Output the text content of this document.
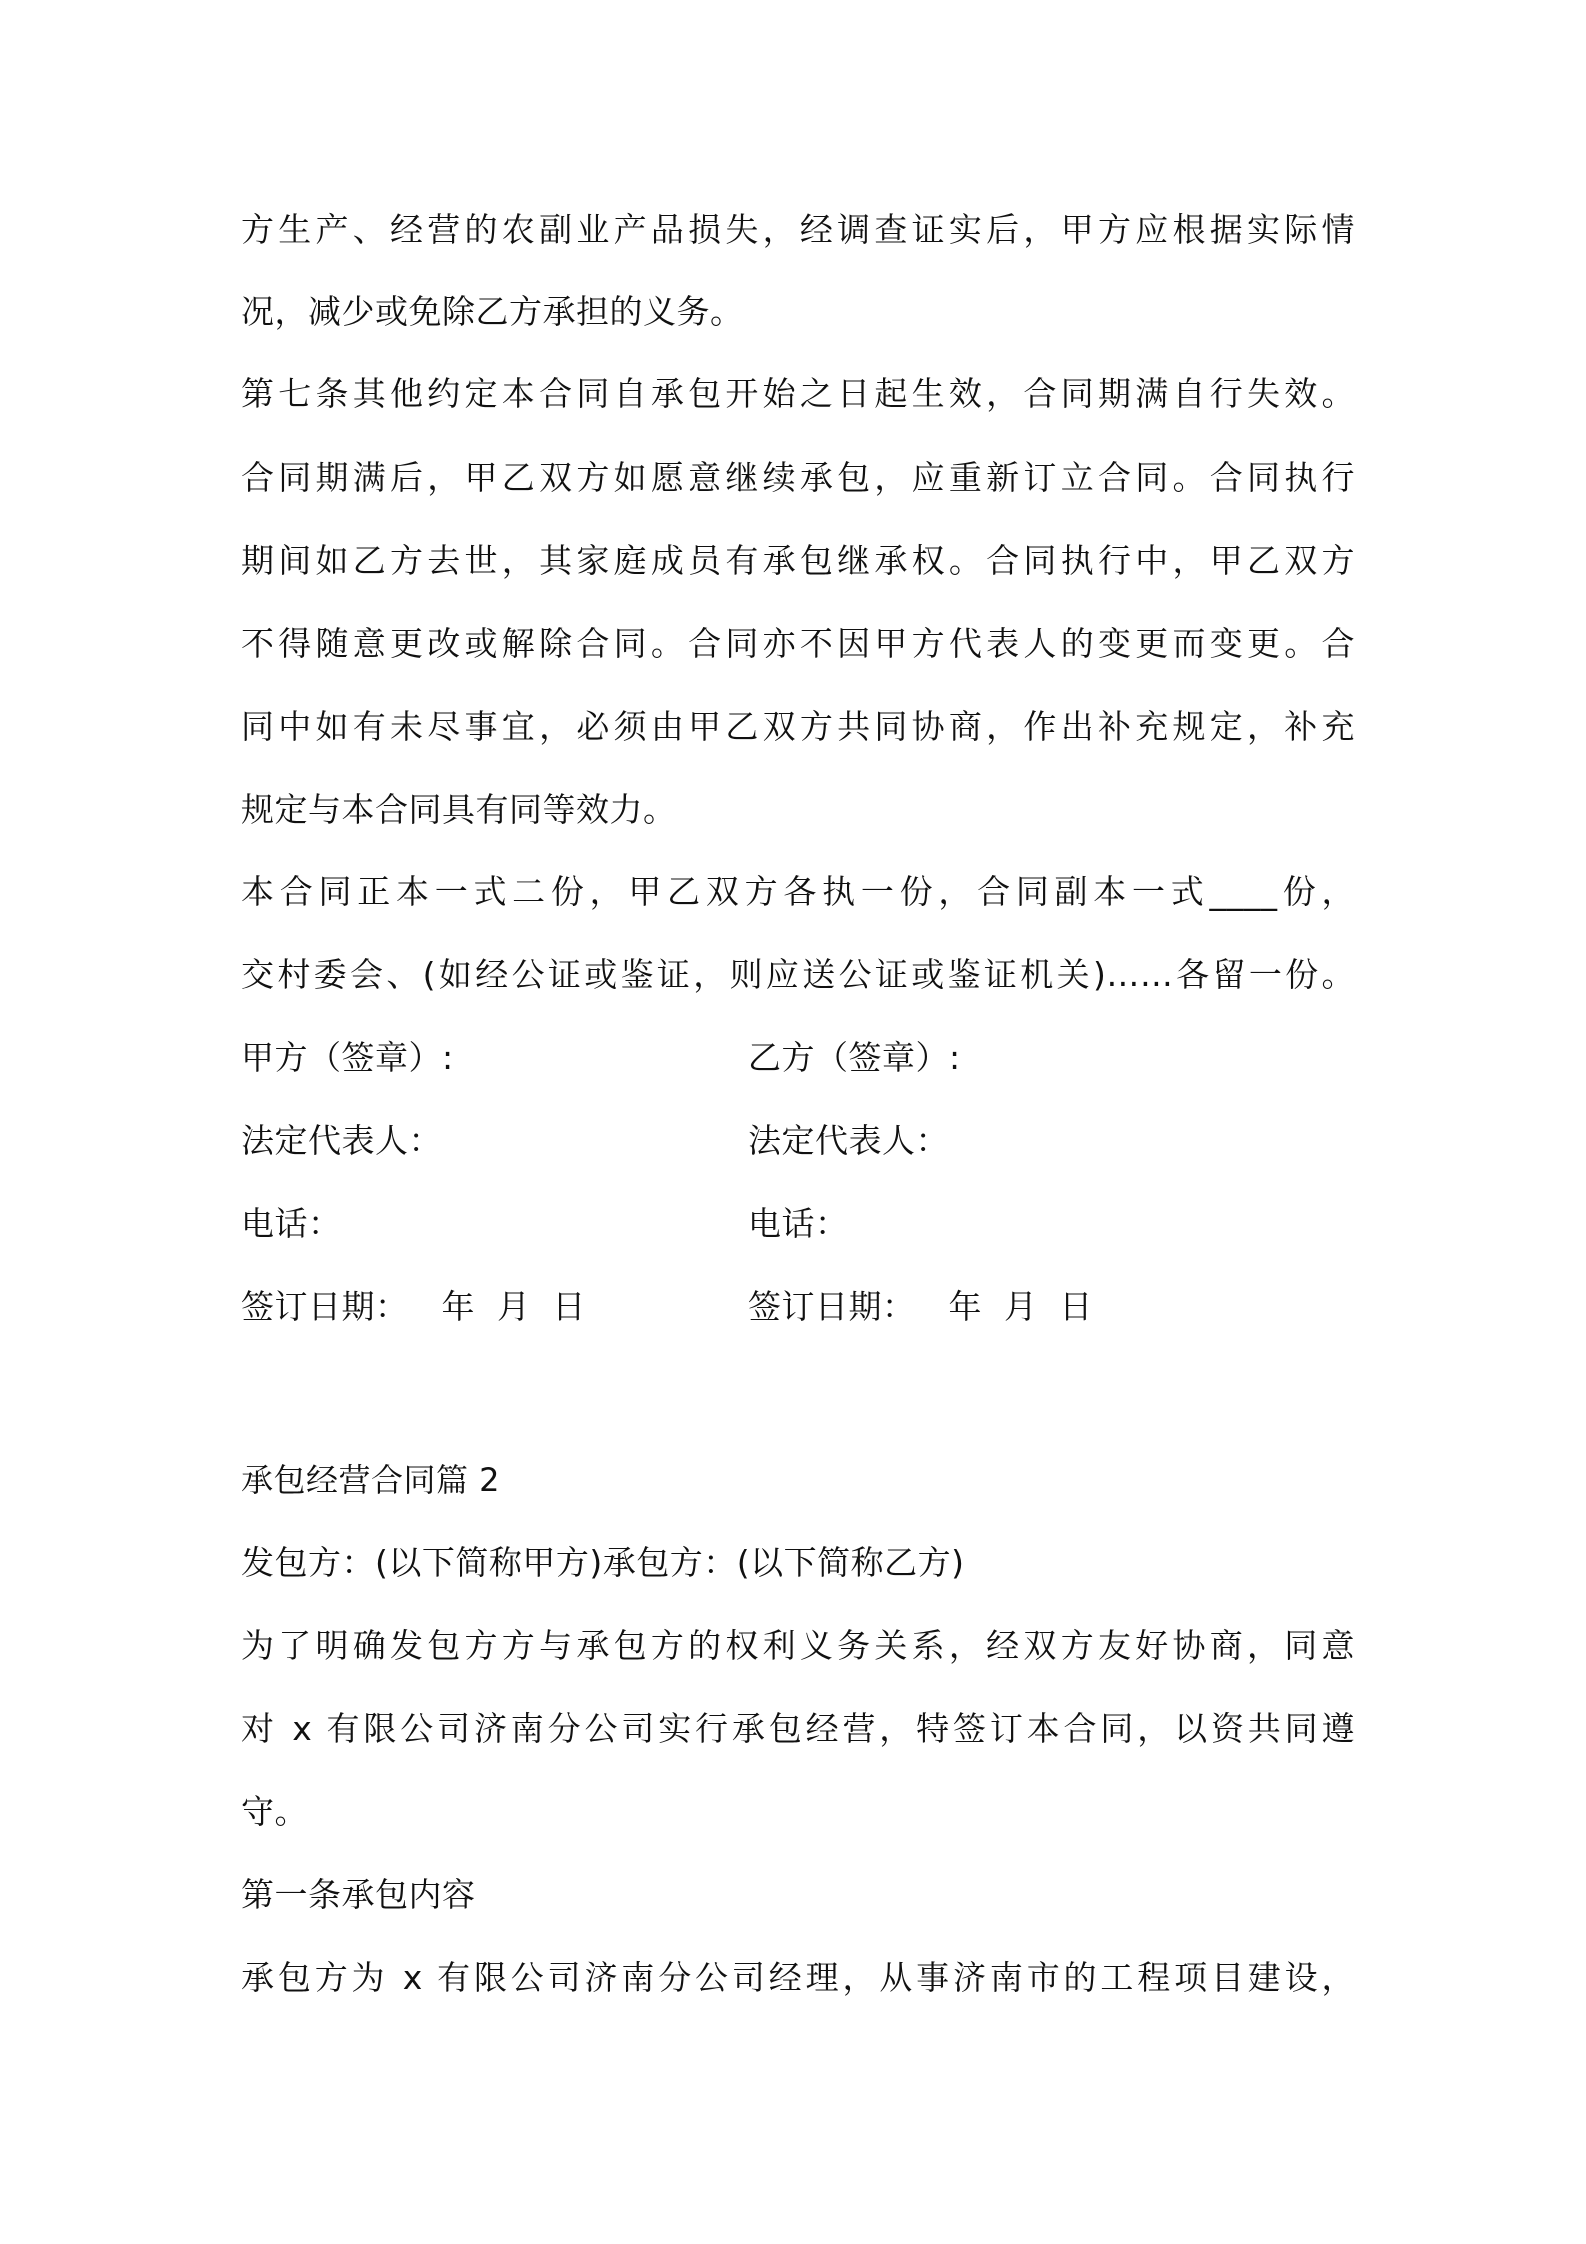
方生产、经营的农副业产品损失，经调查证实后，甲方应根据实际情
况，减少或免除乙方承担的义务。
第七条其他约定本合同自承包开始之日起生效，合同期满自行失效。
合同期满后，甲乙双方如愿意继续承包，应重新订立合同。合同执行
期间如乙方去世，其家庭成员有承包继承权。合同执行中，甲乙双方
不得随意更改或解除合同。合同亦不因甲方代表人的变更而变更。合
同中如有未尽事宜，必须由甲乙双方共同协商，作出补充规定，补充
规定与本合同具有同等效力。
本合同正本一式二份，甲乙双方各执一份，合同副本一式____份，
交村委会、(如经公证或鉴证，则应送公证或鉴证机关)……各留一份。
甲方（签章）:	乙方（签章）:
法定代表人：	法定代表人：
电话：	电话：
签订日期：   年  月  日	签订日期：   年  月  日
承包经营合同篇 2
发包方：(以下简称甲方)承包方：(以下简称乙方)
为了明确发包方方与承包方的权利义务关系，经双方友好协商，同意
对 x 有限公司济南分公司实行承包经营，特签订本合同，以资共同遵
守。
第一条承包内容
承包方为 x 有限公司济南分公司经理，从事济南市的工程项目建设，
